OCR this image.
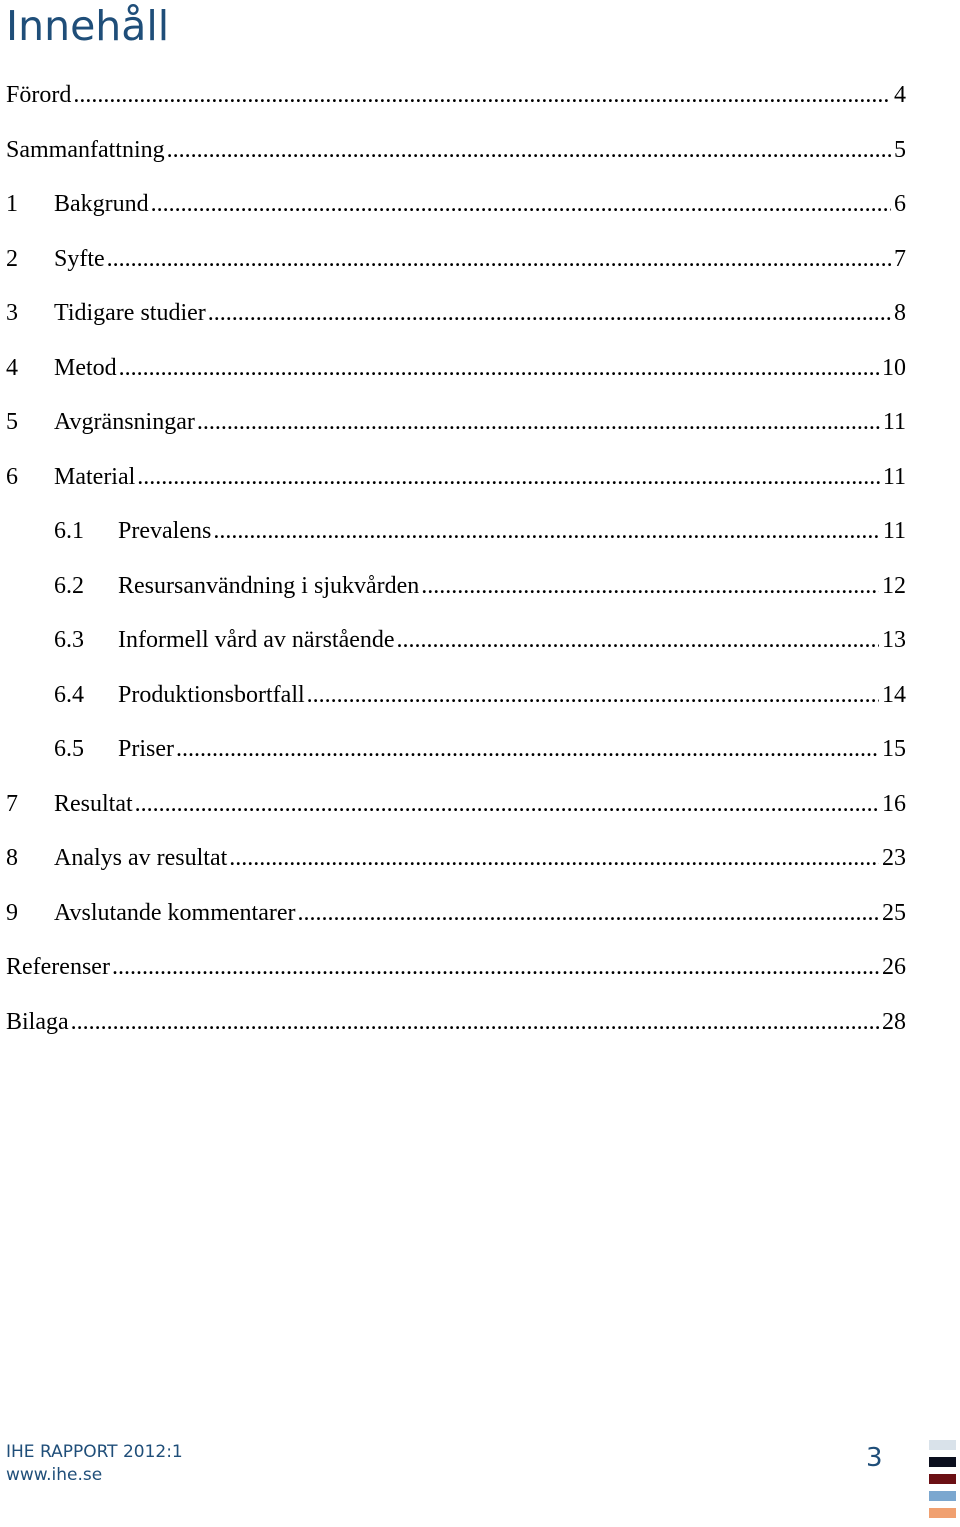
Innehåll
Förord .....	4
Sammanfattning .....	5
1	Bakgrund .....	6
2	Syfte .....	7
3	Tidigare studier .....	8
4	Metod .....	10
5	Avgränsningar .....	11
6	Material .....	11
6.1	Prevalens .....	11
6.2	Resursanvändning i sjukvården .....	12
6.3	Informell vård av närstående .....	13
6.4	Produktionsbortfall .....	14
6.5	Priser .....	15
7	Resultat .....	16
8	Analys av resultat .....	23
9	Avslutande kommentarer .....	25
Referenser .....	26
Bilaga .....	28
IHE RAPPORT 2012:1
www.ihe.se
3
